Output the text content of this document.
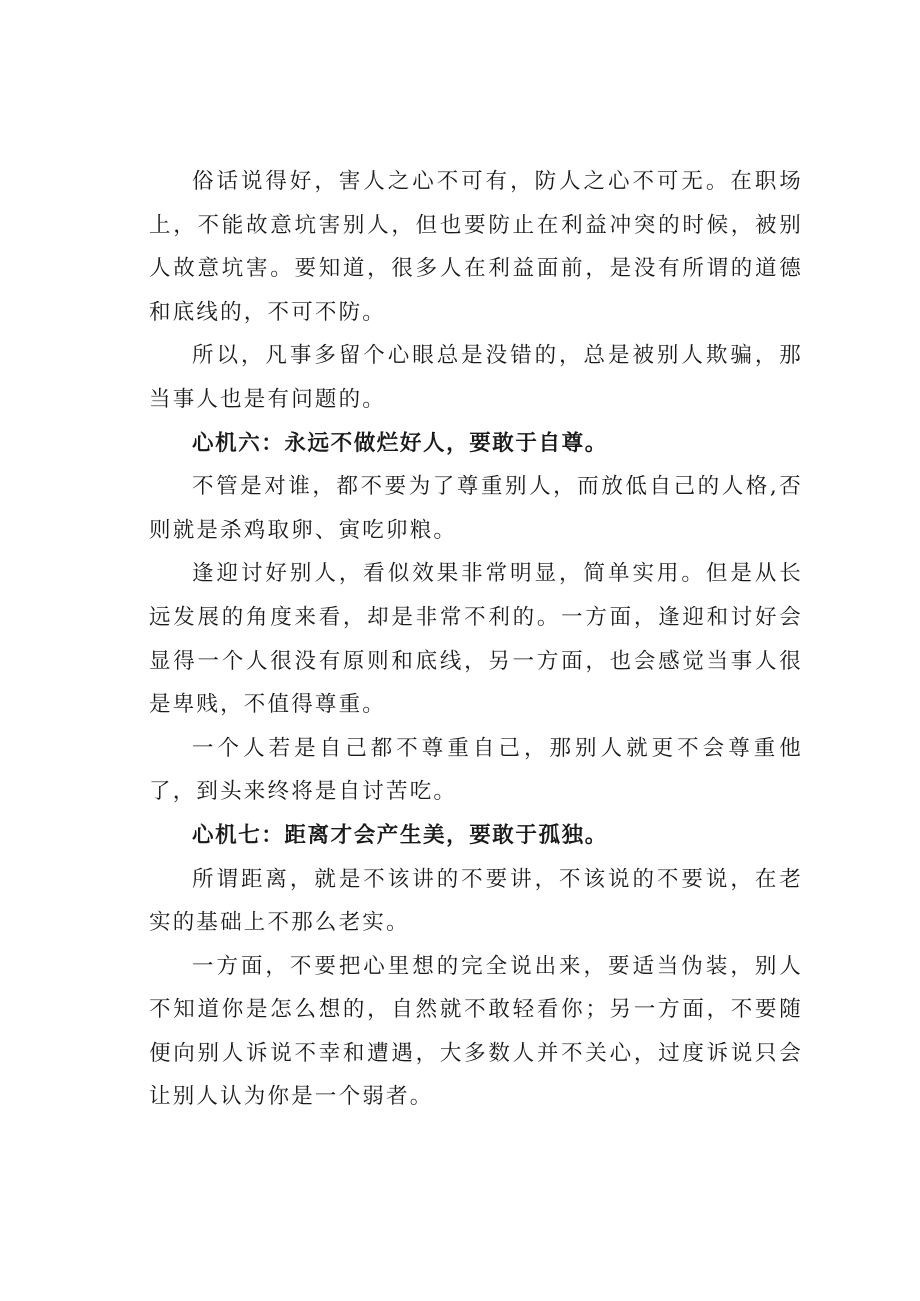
俗话说得好，害人之心不可有，防人之心不可无。在职场上，不能故意坑害别人，但也要防止在利益冲突的时候，被别人故意坑害。要知道，很多人在利益面前，是没有所谓的道德和底线的，不可不防。

所以，凡事多留个心眼总是没错的，总是被别人欺骗，那当事人也是有问题的。

心机六：永远不做烂好人，要敢于自尊。

不管是对谁，都不要为了尊重别人，而放低自己的人格,否则就是杀鸡取卵、寅吃卯粮。

逢迎讨好别人，看似效果非常明显，简单实用。但是从长远发展的角度来看，却是非常不利的。一方面，逢迎和讨好会显得一个人很没有原则和底线，另一方面，也会感觉当事人很是卑贱，不值得尊重。

一个人若是自己都不尊重自己，那别人就更不会尊重他了，到头来终将是自讨苦吃。

心机七：距离才会产生美，要敢于孤独。

所谓距离，就是不该讲的不要讲，不该说的不要说，在老实的基础上不那么老实。

一方面，不要把心里想的完全说出来，要适当伪装，别人不知道你是怎么想的，自然就不敢轻看你；另一方面，不要随便向别人诉说不幸和遭遇，大多数人并不关心，过度诉说只会让别人认为你是一个弱者。
